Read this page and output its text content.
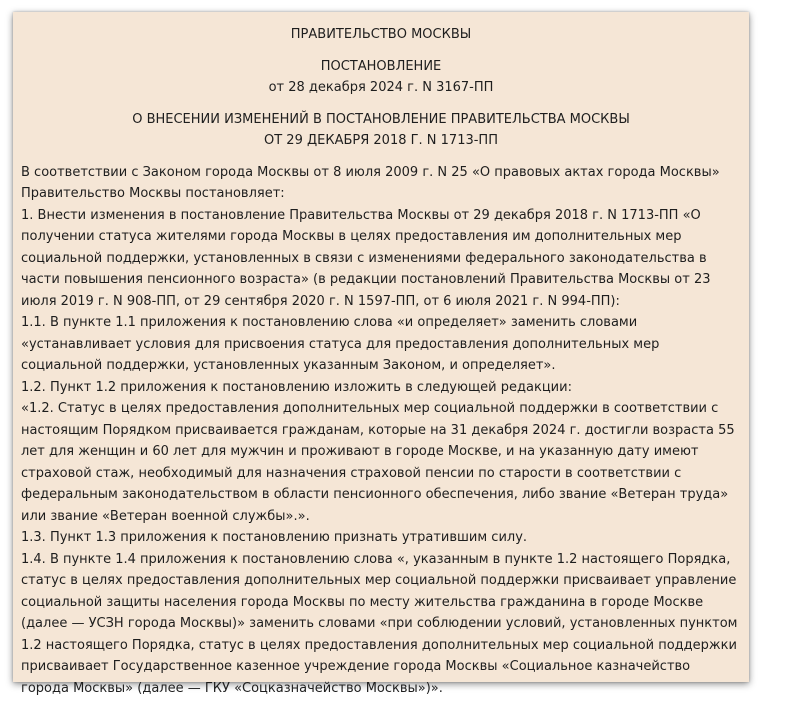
ПРАВИТЕЛЬСТВО МОСКВЫ
ПОСТАНОВЛЕНИЕ
от 28 декабря 2024 г. N 3167-ПП
О ВНЕСЕНИИ ИЗМЕНЕНИЙ В ПОСТАНОВЛЕНИЕ ПРАВИТЕЛЬСТВА МОСКВЫ
ОТ 29 ДЕКАБРЯ 2018 Г. N 1713-ПП

В соответствии с Законом города Москвы от 8 июля 2009 г. N 25 «О правовых актах города Москвы» Правительство Москвы постановляет:

1. Внести изменения в постановление Правительства Москвы от 29 декабря 2018 г. N 1713-ПП «О получении статуса жителями города Москвы в целях предоставления им дополнительных мер социальной поддержки, установленных в связи с изменениями федерального законодательства в части повышения пенсионного возраста» (в редакции постановлений Правительства Москвы от 23 июля 2019 г. N 908-ПП, от 29 сентября 2020 г. N 1597-ПП, от 6 июля 2021 г. N 994-ПП):

1.1. В пункте 1.1 приложения к постановлению слова «и определяет» заменить словами «устанавливает условия для присвоения статуса для предоставления дополнительных мер социальной поддержки, установленных указанным Законом, и определяет».

1.2. Пункт 1.2 приложения к постановлению изложить в следующей редакции:

«1.2. Статус в целях предоставления дополнительных мер социальной поддержки в соответствии с настоящим Порядком присваивается гражданам, которые на 31 декабря 2024 г. достигли возраста 55 лет для женщин и 60 лет для мужчин и проживают в городе Москве, и на указанную дату имеют страховой стаж, необходимый для назначения страховой пенсии по старости в соответствии с федеральным законодательством в области пенсионного обеспечения, либо звание «Ветеран труда» или звание «Ветеран военной службы».».

1.3. Пункт 1.3 приложения к постановлению признать утратившим силу.

1.4. В пункте 1.4 приложения к постановлению слова «, указанным в пункте 1.2 настоящего Порядка, статус в целях предоставления дополнительных мер социальной поддержки присваивает управление социальной защиты населения города Москвы по месту жительства гражданина в городе Москве (далее — УСЗН города Москвы)» заменить словами «при соблюдении условий, установленных пунктом 1.2 настоящего Порядка, статус в целях предоставления дополнительных мер социальной поддержки присваивает Государственное казенное учреждение города Москвы «Социальное казначейство города Москвы» (далее — ГКУ «Соцказначейство Москвы»)».
